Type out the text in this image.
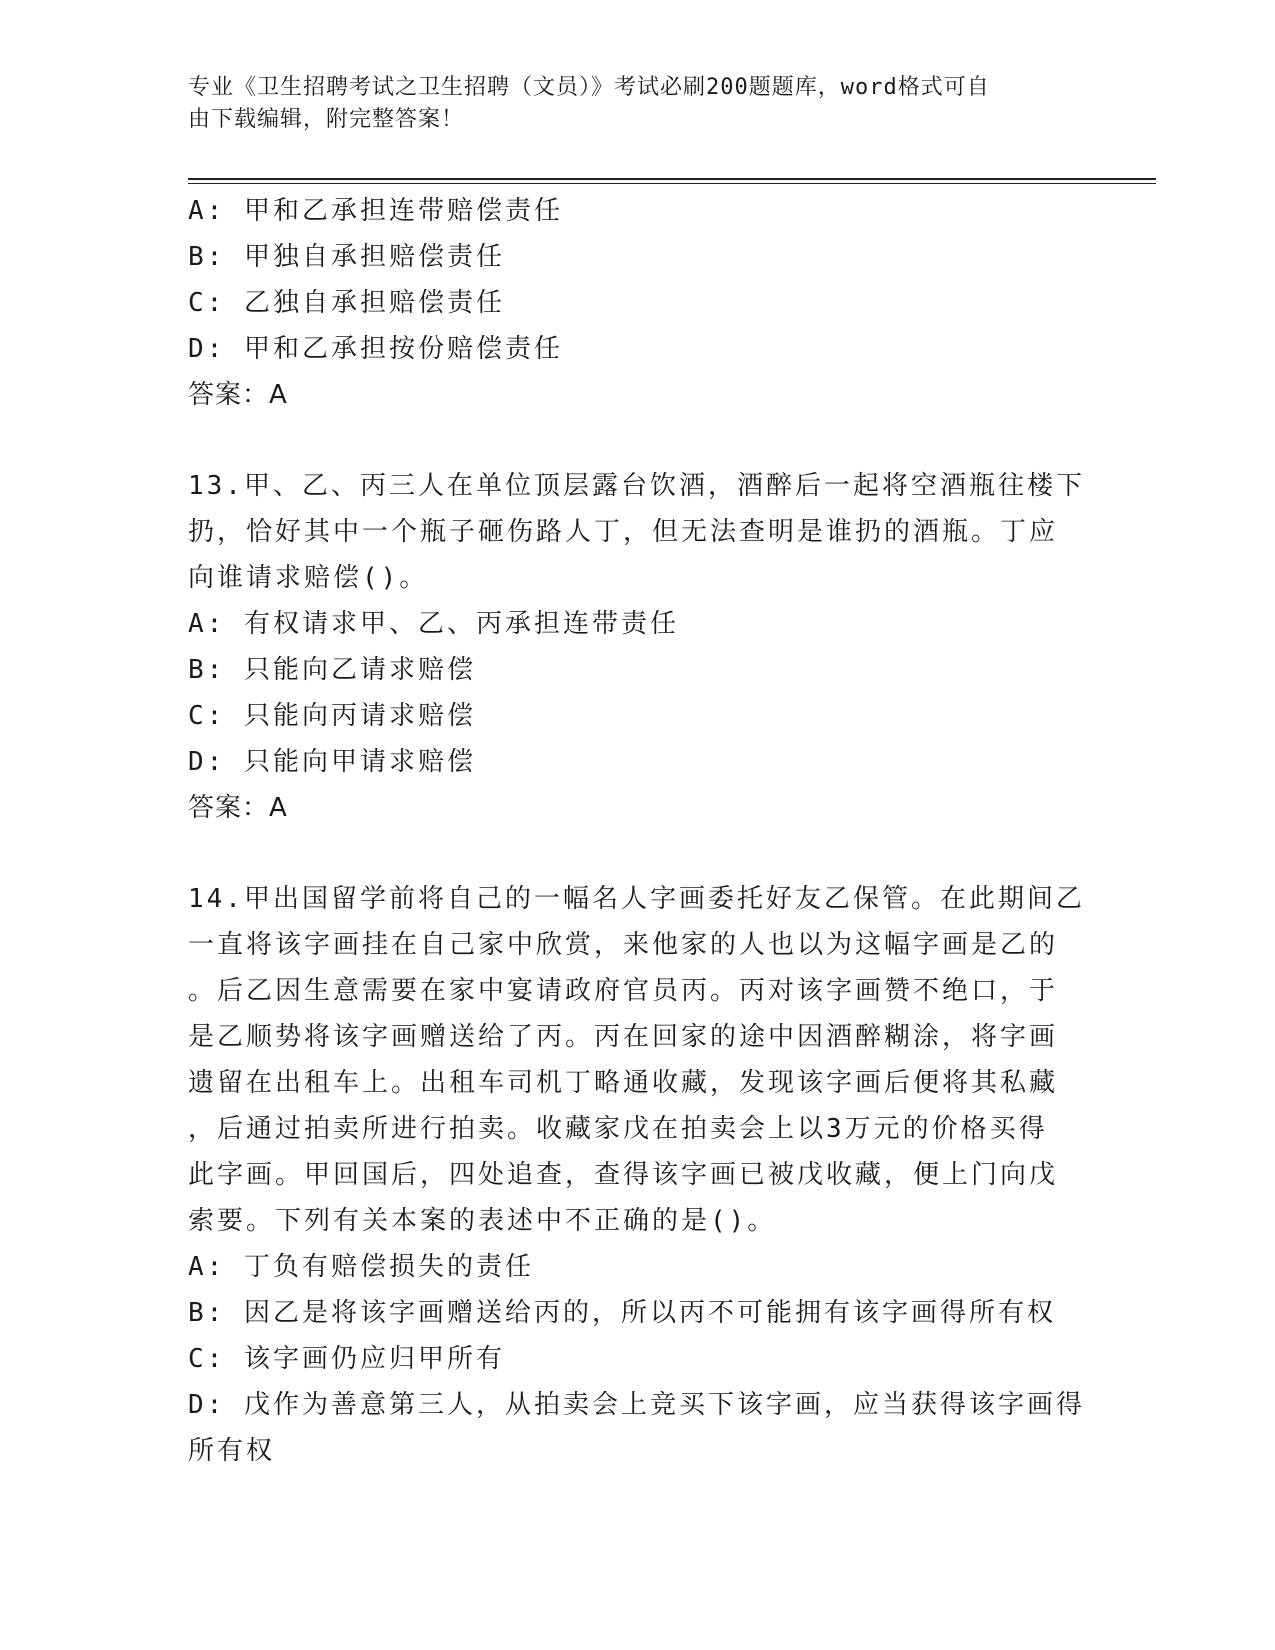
专业《卫生招聘考试之卫生招聘（文员）》考试必刷200题题库，word格式可自
由下载编辑，附完整答案！
A: 甲和乙承担连带赔偿责任
B: 甲独自承担赔偿责任
C: 乙独自承担赔偿责任
D: 甲和乙承担按份赔偿责任
答案：A
13.甲、乙、丙三人在单位顶层露台饮酒，酒醉后一起将空酒瓶往楼下
扔，恰好其中一个瓶子砸伤路人丁，但无法查明是谁扔的酒瓶。丁应
向谁请求赔偿()。
A: 有权请求甲、乙、丙承担连带责任
B: 只能向乙请求赔偿
C: 只能向丙请求赔偿
D: 只能向甲请求赔偿
答案：A
14.甲出国留学前将自己的一幅名人字画委托好友乙保管。在此期间乙
一直将该字画挂在自己家中欣赏，来他家的人也以为这幅字画是乙的
。后乙因生意需要在家中宴请政府官员丙。丙对该字画赞不绝口，于
是乙顺势将该字画赠送给了丙。丙在回家的途中因酒醉糊涂，将字画
遗留在出租车上。出租车司机丁略通收藏，发现该字画后便将其私藏
，后通过拍卖所进行拍卖。收藏家戊在拍卖会上以3万元的价格买得
此字画。甲回国后，四处追查，查得该字画已被戊收藏，便上门向戊
索要。下列有关本案的表述中不正确的是()。
A: 丁负有赔偿损失的责任
B: 因乙是将该字画赠送给丙的，所以丙不可能拥有该字画得所有权
C: 该字画仍应归甲所有
D: 戊作为善意第三人，从拍卖会上竞买下该字画，应当获得该字画得
所有权
